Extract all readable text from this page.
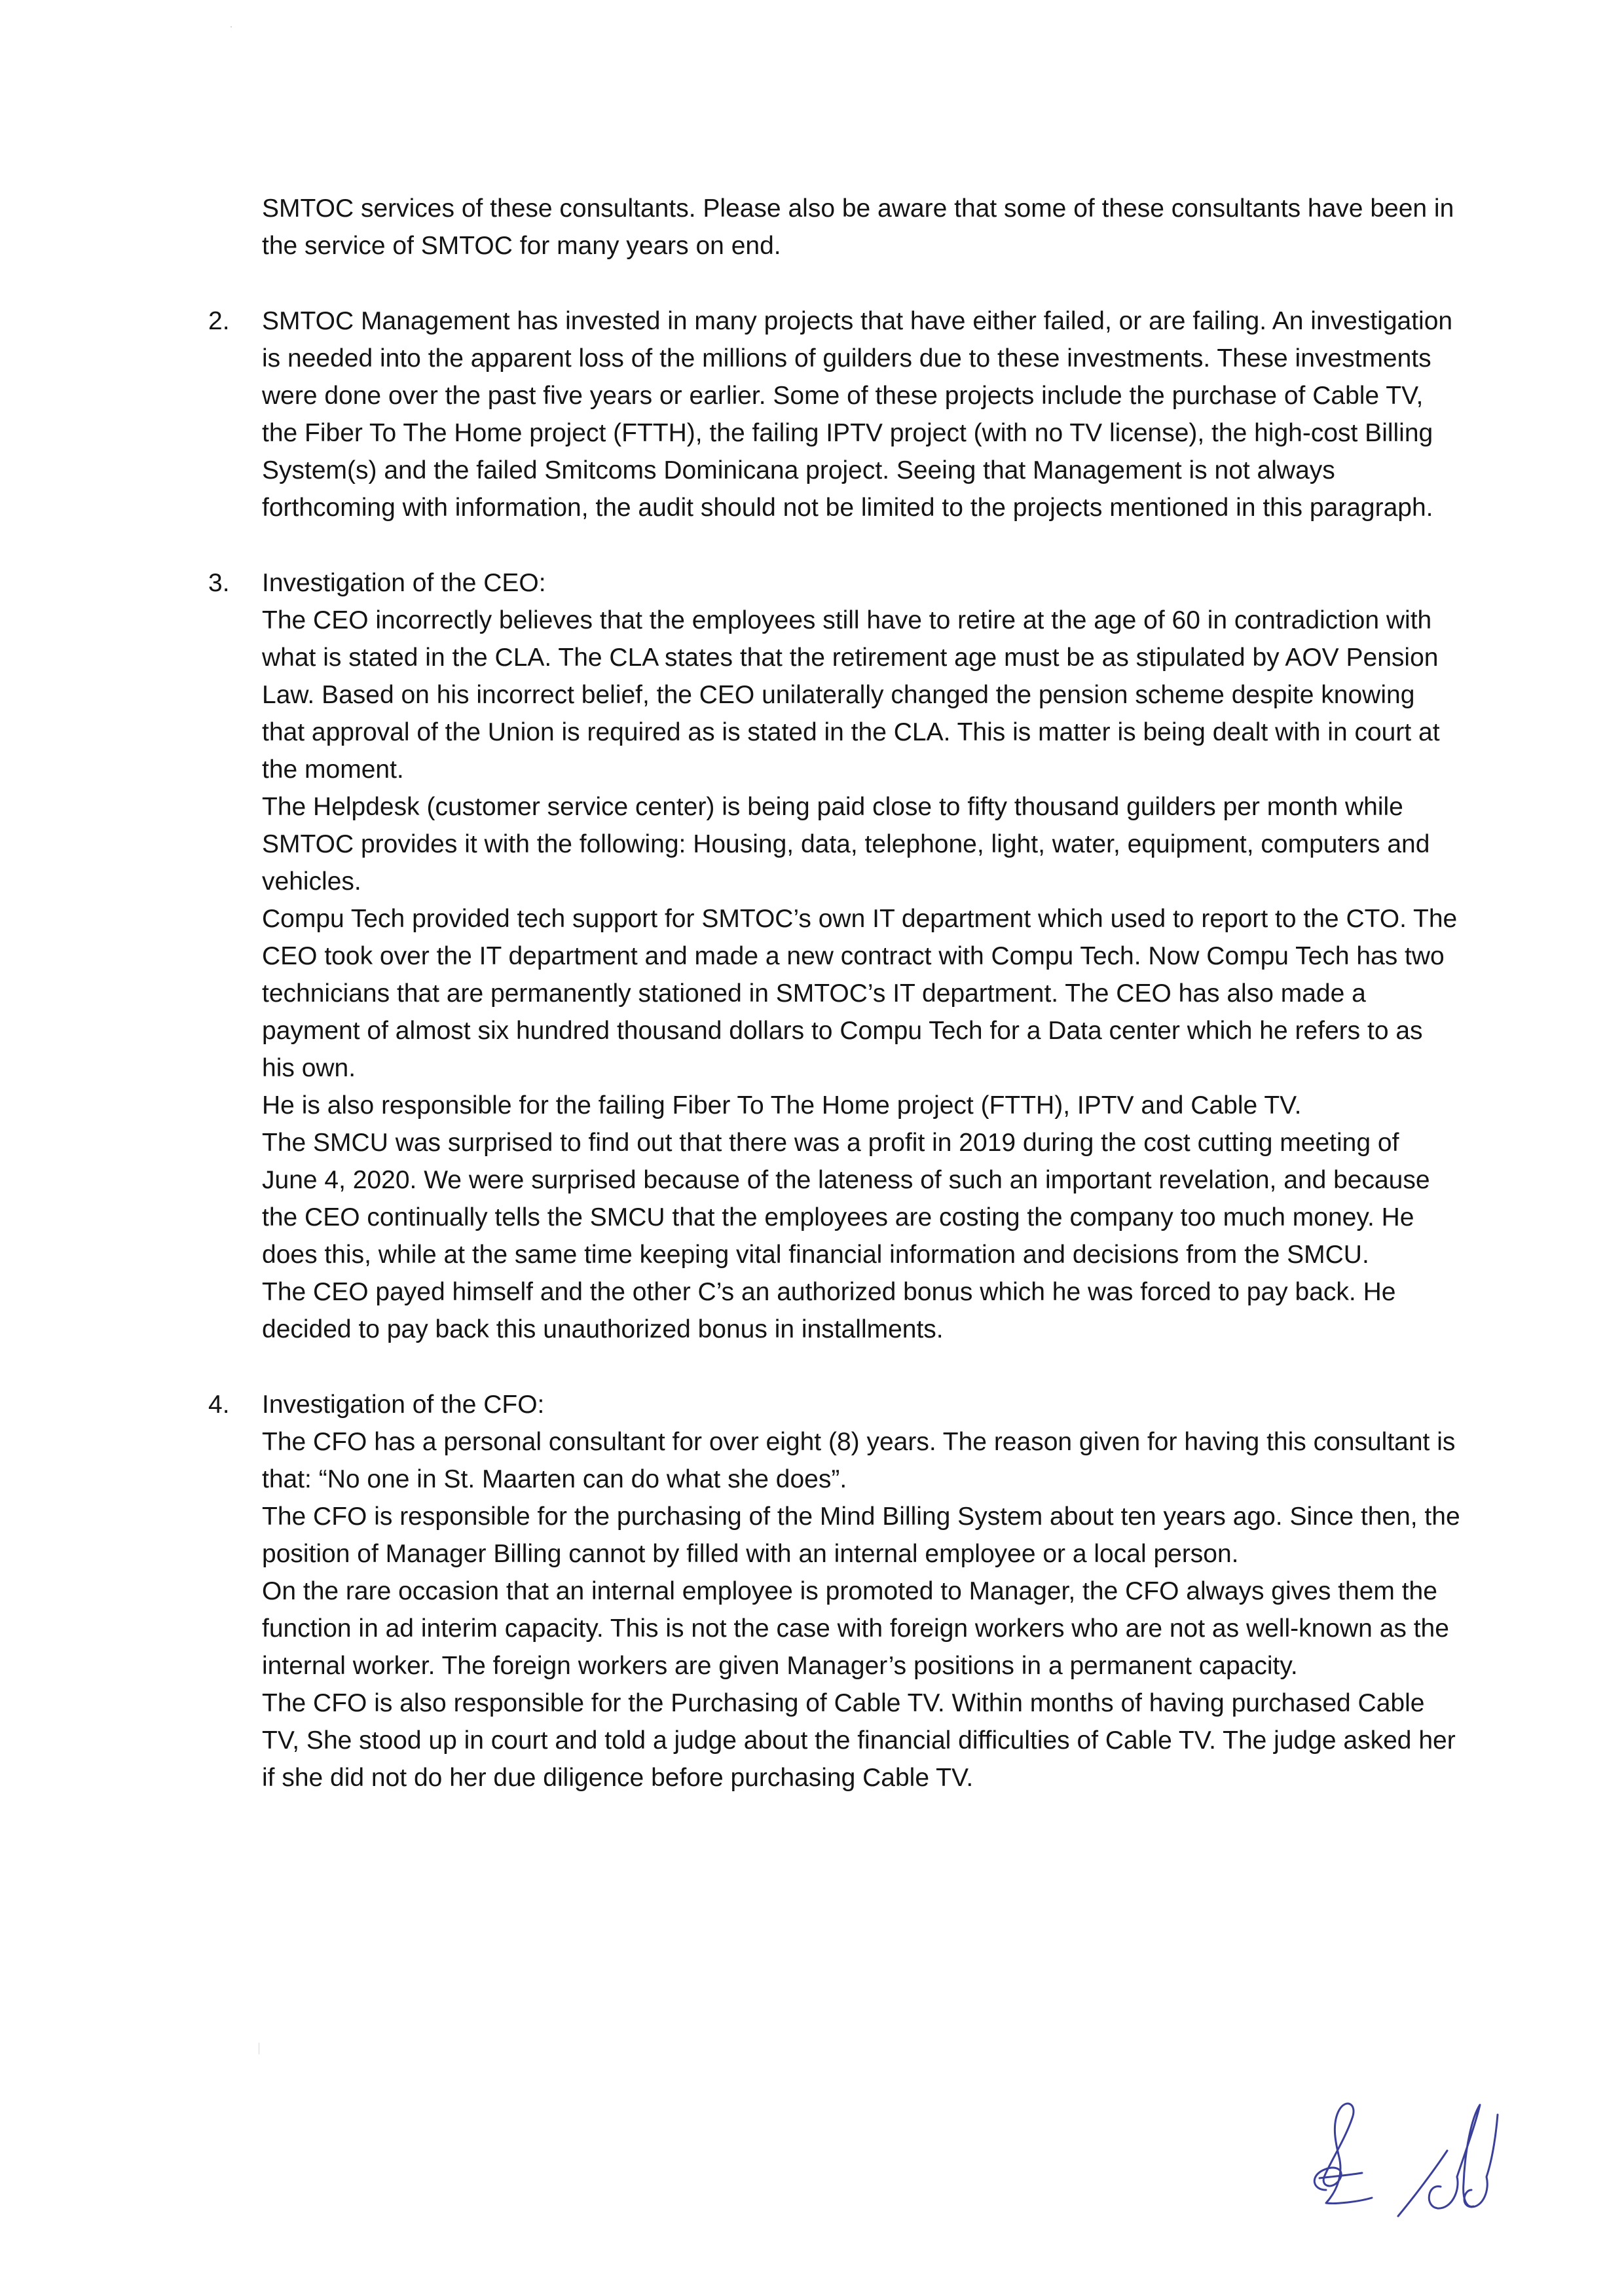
SMTOC services of these consultants. Please also be aware that some of these consultants have been in the service of SMTOC for many years on end.

2. SMTOC Management has invested in many projects that have either failed, or are failing. An investigation is needed into the apparent loss of the millions of guilders due to these investments. These investments were done over the past five years or earlier. Some of these projects include the purchase of Cable TV, the Fiber To The Home project (FTTH), the failing IPTV project (with no TV license), the high-cost Billing System(s) and the failed Smitcoms Dominicana project. Seeing that Management is not always forthcoming with information, the audit should not be limited to the projects mentioned in this paragraph.

3. Investigation of the CEO:

The CEO incorrectly believes that the employees still have to retire at the age of 60 in contradiction with what is stated in the CLA. The CLA states that the retirement age must be as stipulated by AOV Pension Law. Based on his incorrect belief, the CEO unilaterally changed the pension scheme despite knowing that approval of the Union is required as is stated in the CLA. This is matter is being dealt with in court at the moment.

The Helpdesk (customer service center) is being paid close to fifty thousand guilders per month while SMTOC provides it with the following: Housing, data, telephone, light, water, equipment, computers and vehicles.

Compu Tech provided tech support for SMTOC’s own IT department which used to report to the CTO. The CEO took over the IT department and made a new contract with Compu Tech. Now Compu Tech has two technicians that are permanently stationed in SMTOC’s IT department. The CEO has also made a payment of almost six hundred thousand dollars to Compu Tech for a Data center which he refers to as his own.

He is also responsible for the failing Fiber To The Home project (FTTH), IPTV and Cable TV.

The SMCU was surprised to find out that there was a profit in 2019 during the cost cutting meeting of June 4, 2020. We were surprised because of the lateness of such an important revelation, and because the CEO continually tells the SMCU that the employees are costing the company too much money. He does this, while at the same time keeping vital financial information and decisions from the SMCU.

The CEO payed himself and the other C’s an authorized bonus which he was forced to pay back. He decided to pay back this unauthorized bonus in installments.

4. Investigation of the CFO:

The CFO has a personal consultant for over eight (8) years. The reason given for having this consultant is that: “No one in St. Maarten can do what she does”.

The CFO is responsible for the purchasing of the Mind Billing System about ten years ago. Since then, the position of Manager Billing cannot by filled with an internal employee or a local person.

On the rare occasion that an internal employee is promoted to Manager, the CFO always gives them the function in ad interim capacity. This is not the case with foreign workers who are not as well-known as the internal worker. The foreign workers are given Manager’s positions in a permanent capacity.

The CFO is also responsible for the Purchasing of Cable TV. Within months of having purchased Cable TV, She stood up in court and told a judge about the financial difficulties of Cable TV. The judge asked her if she did not do her due diligence before purchasing Cable TV.
